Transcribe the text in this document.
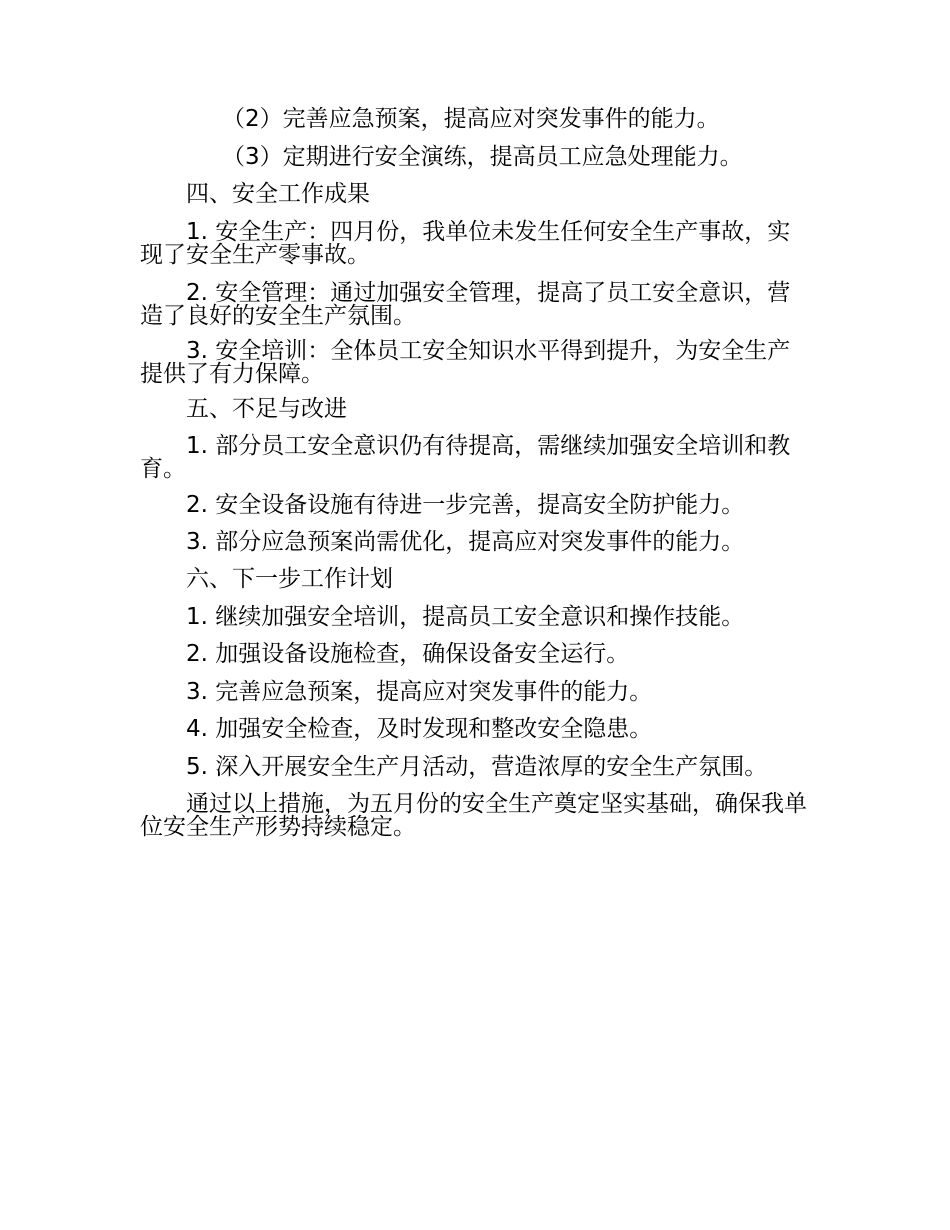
（2）完善应急预案，提高应对突发事件的能力。
（3）定期进行安全演练，提高员工应急处理能力。
四、安全工作成果
1. 安全生产：四月份，我单位未发生任何安全生产事故，实现了安全生产零事故。
2. 安全管理：通过加强安全管理，提高了员工安全意识，营造了良好的安全生产氛围。
3. 安全培训：全体员工安全知识水平得到提升，为安全生产提供了有力保障。
五、不足与改进
1. 部分员工安全意识仍有待提高，需继续加强安全培训和教育。
2. 安全设备设施有待进一步完善，提高安全防护能力。
3. 部分应急预案尚需优化，提高应对突发事件的能力。
六、下一步工作计划
1. 继续加强安全培训，提高员工安全意识和操作技能。
2. 加强设备设施检查，确保设备安全运行。
3. 完善应急预案，提高应对突发事件的能力。
4. 加强安全检查，及时发现和整改安全隐患。
5. 深入开展安全生产月活动，营造浓厚的安全生产氛围。
通过以上措施，为五月份的安全生产奠定坚实基础，确保我单位安全生产形势持续稳定。
